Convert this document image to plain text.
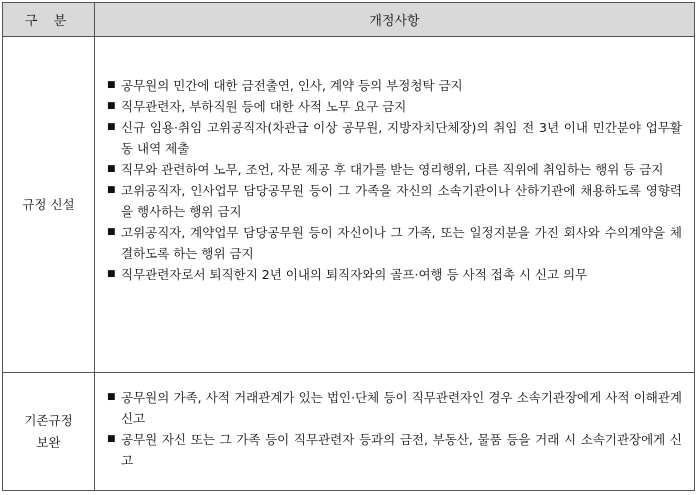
구 분	개정사항
규정 신설
■ 공무원의 민간에 대한 금전출연, 인사, 계약 등의 부정청탁 금지
■ 직무관련자, 부하직원 등에 대한 사적 노무 요구 금지
■ 신규 임용·취임 고위공직자(차관급 이상 공무원, 지방자치단체장)의 취임 전 3년 이내 민간분야 업무활동 내역 제출
■ 직무와 관련하여 노무, 조언, 자문 제공 후 대가를 받는 영리행위, 다른 직위에 취임하는 행위 등 금지
■ 고위공직자, 인사업무 담당공무원 등이 그 가족을 자신의 소속기관이나 산하기관에 채용하도록 영향력을 행사하는 행위 금지
■ 고위공직자, 계약업무 담당공무원 등이 자신이나 그 가족, 또는 일정지분을 가진 회사와 수의계약을 체결하도록 하는 행위 금지
■ 직무관련자로서 퇴직한지 2년 이내의 퇴직자와의 골프·여행 등 사적 접촉 시 신고 의무
기존규정
보완
■ 공무원의 가족, 사적 거래관계가 있는 법인·단체 등이 직무관련자인 경우 소속기관장에게 사적 이해관계 신고
■ 공무원 자신 또는 그 가족 등이 직무관련자 등과의 금전, 부동산, 물품 등을 거래 시 소속기관장에게 신고
